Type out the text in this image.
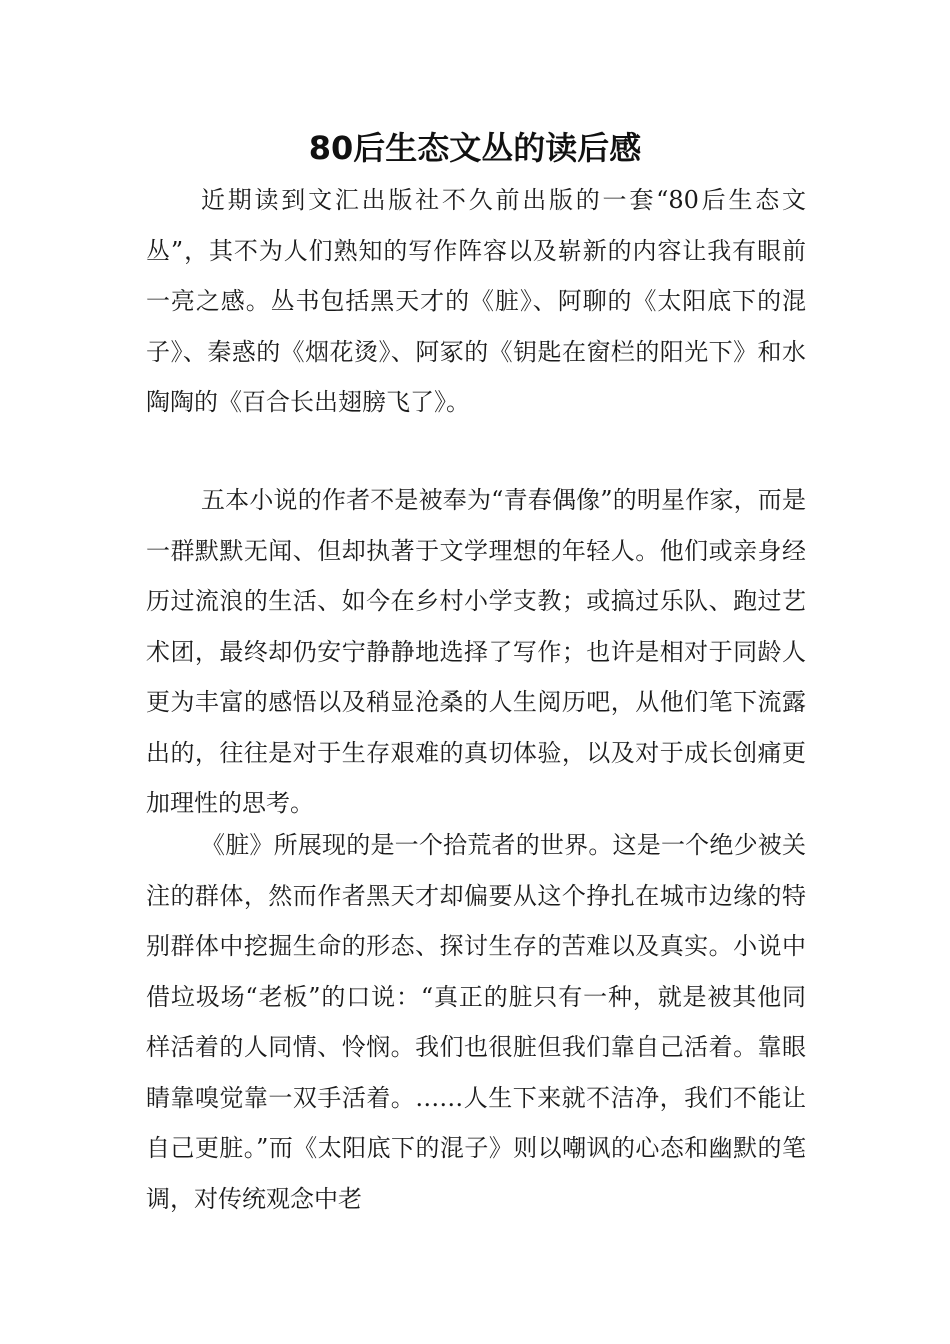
80后生态文丛的读后感

近期读到文汇出版社不久前出版的一套“80后生态文丛”，其不为人们熟知的写作阵容以及崭新的内容让我有眼前一亮之感。丛书包括黑天才的《脏》、阿聊的《太阳底下的混子》、秦惑的《烟花烫》、阿冢的《钥匙在窗栏的阳光下》和水陶陶的《百合长出翅膀飞了》。

五本小说的作者不是被奉为“青春偶像”的明星作家，而是一群默默无闻、但却执著于文学理想的年轻人。他们或亲身经历过流浪的生活、如今在乡村小学支教；或搞过乐队、跑过艺术团，最终却仍安宁静静地选择了写作；也许是相对于同龄人更为丰富的感悟以及稍显沧桑的人生阅历吧，从他们笔下流露出的，往往是对于生存艰难的真切体验，以及对于成长创痛更加理性的思考。

《脏》所展现的是一个拾荒者的世界。这是一个绝少被关注的群体，然而作者黑天才却偏要从这个挣扎在城市边缘的特别群体中挖掘生命的形态、探讨生存的苦难以及真实。小说中借垃圾场“老板”的口说：“真正的脏只有一种，就是被其他同样活着的人同情、怜悯。我们也很脏但我们靠自己活着。靠眼睛靠嗅觉靠一双手活着。……人生下来就不洁净，我们不能让自己更脏。”而《太阳底下的混子》则以嘲讽的心态和幽默的笔调，对传统观念中老
